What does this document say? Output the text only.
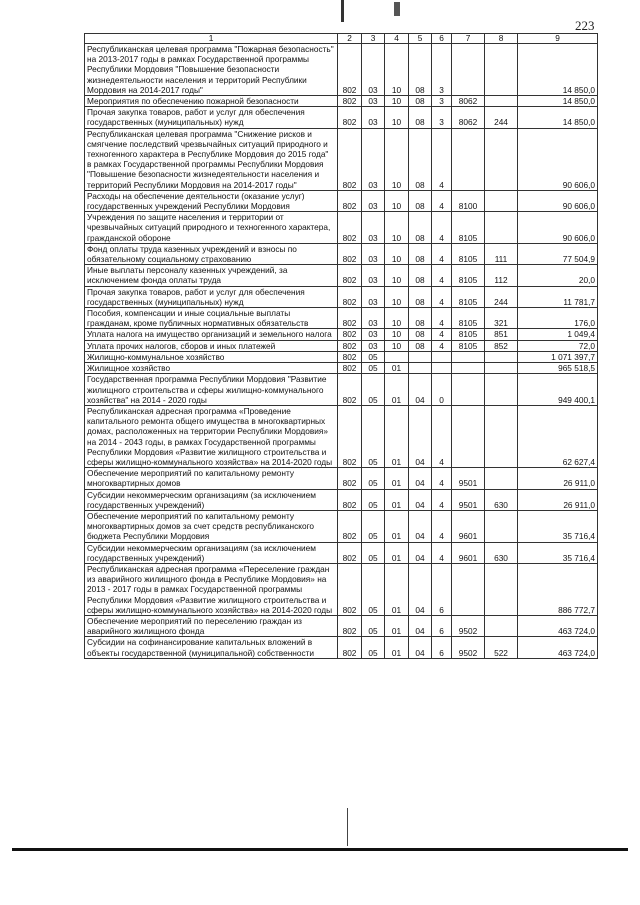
223
1	2	3	4	5	6	7	8	9
Республиканская целевая программа "Пожарная безопасность" на 2013-2017 годы в рамках Государственной программы Республики Мордовия "Повышение безопасности жизнедеятельности населения и территорий Республики Мордовия на 2014-2017 годы"	802	03	10	08	3			14 850,0
Мероприятия по обеспечению пожарной безопасности	802	03	10	08	3	8062		14 850,0
Прочая закупка товаров, работ и услуг для обеспечения государственных (муниципальных) нужд	802	03	10	08	3	8062	244	14 850,0
Республиканская целевая программа "Снижение рисков и смягчение последствий чрезвычайных ситуаций природного и техногенного характера в Республике Мордовия до 2015 года" в рамках Государственной программы Республики Мордовия "Повышение безопасности жизнедеятельности населения и территорий Республики Мордовия на 2014-2017 годы"	802	03	10	08	4			90 606,0
Расходы на обеспечение деятельности (оказание услуг) государственных учреждений Республики Мордовия	802	03	10	08	4	8100		90 606,0
Учреждения по защите населения и территории от чрезвычайных ситуаций природного и техногенного характера, гражданской обороне	802	03	10	08	4	8105		90 606,0
Фонд оплаты труда казенных учреждений и взносы по обязательному социальному страхованию	802	03	10	08	4	8105	111	77 504,9
Иные выплаты персоналу казенных учреждений, за исключением фонда оплаты труда	802	03	10	08	4	8105	112	20,0
Прочая закупка товаров, работ и услуг для обеспечения государственных (муниципальных) нужд	802	03	10	08	4	8105	244	11 781,7
Пособия, компенсации и иные социальные выплаты гражданам, кроме публичных нормативных обязательств	802	03	10	08	4	8105	321	176,0
Уплата налога на имущество организаций и земельного налога	802	03	10	08	4	8105	851	1 049,4
Уплата прочих налогов, сборов и иных платежей	802	03	10	08	4	8105	852	72,0
Жилищно-коммунальное хозяйство	802	05						1 071 397,7
Жилищное хозяйство	802	05	01					965 518,5
Государственная программа Республики Мордовия "Развитие жилищного строительства и сферы жилищно-коммунального хозяйства" на 2014 - 2020 годы	802	05	01	04	0			949 400,1
Республиканская адресная программа «Проведение капитального ремонта общего имущества в многоквартирных домах, расположенных на территории Республики Мордовия» на 2014 - 2043 годы, в рамках Государственной программы Республики Мордовия «Развитие жилищного строительства и сферы жилищно-коммунального хозяйства» на 2014-2020 годы	802	05	01	04	4			62 627,4
Обеспечение мероприятий по капитальному ремонту многоквартирных домов	802	05	01	04	4	9501		26 911,0
Субсидии некоммерческим организациям (за исключением государственных учреждений)	802	05	01	04	4	9501	630	26 911,0
Обеспечение мероприятий по капитальному ремонту многоквартирных домов за счет средств республиканского бюджета Республики Мордовия	802	05	01	04	4	9601		35 716,4
Субсидии некоммерческим организациям (за исключением государственных учреждений)	802	05	01	04	4	9601	630	35 716,4
Республиканская адресная программа «Переселение граждан из аварийного жилищного фонда в Республике Мордовия» на 2013 - 2017 годы в рамках Государственной программы Республики Мордовия «Развитие жилищного строительства и сферы жилищно-коммунального хозяйства» на 2014-2020 годы	802	05	01	04	6			886 772,7
Обеспечение мероприятий по переселению граждан из аварийного жилищного фонда	802	05	01	04	6	9502		463 724,0
Субсидии на софинансирование капитальных вложений в объекты государственной (муниципальной) собственности	802	05	01	04	6	9502	522	463 724,0
